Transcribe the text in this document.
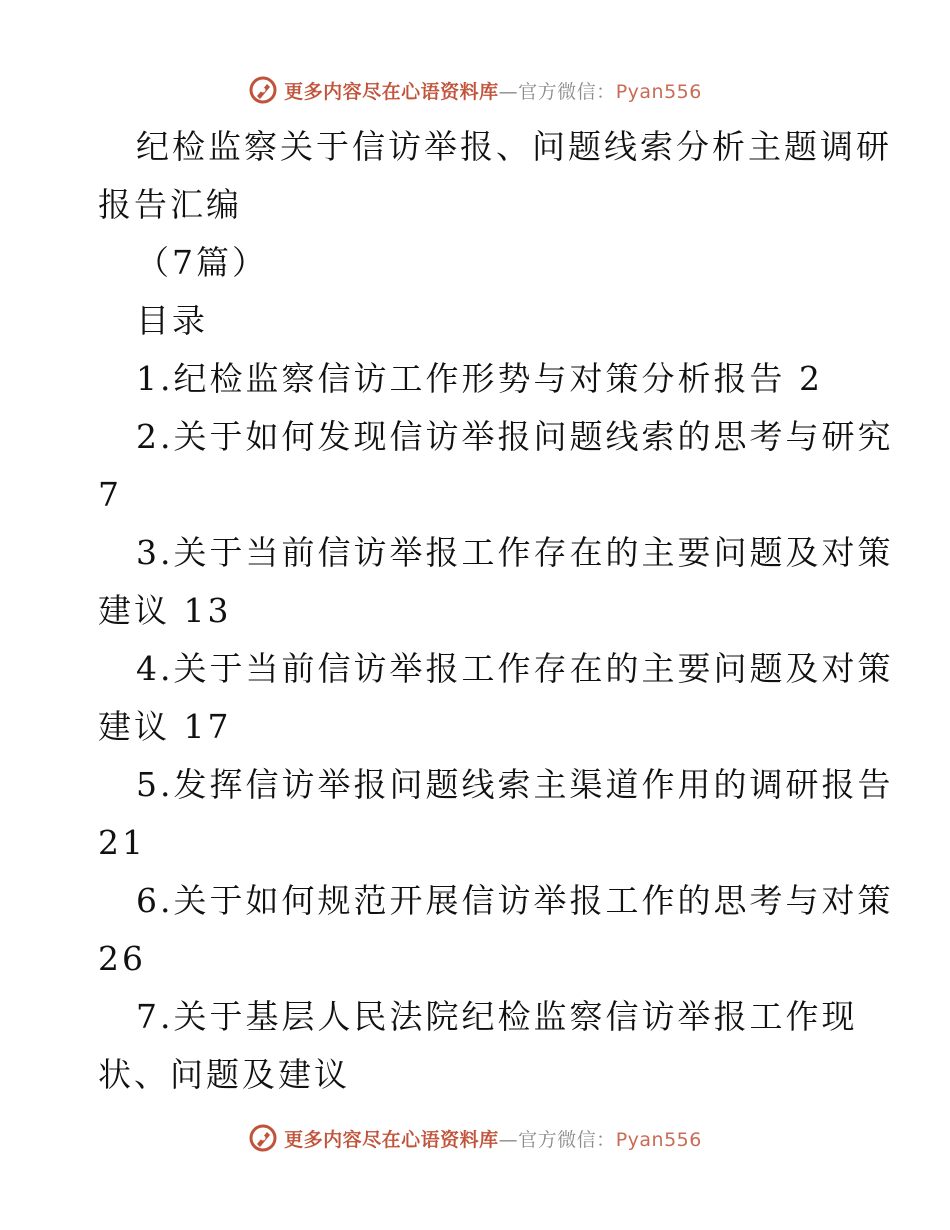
更多内容尽在心语资料库—官方微信：Pyan556
纪检监察关于信访举报、问题线索分析主题调研
报告汇编
（7篇）
目录
1.纪检监察信访工作形势与对策分析报告 2
2.关于如何发现信访举报问题线索的思考与研究
7
3.关于当前信访举报工作存在的主要问题及对策
建议 13
4.关于当前信访举报工作存在的主要问题及对策
建议 17
5.发挥信访举报问题线索主渠道作用的调研报告
21
6.关于如何规范开展信访举报工作的思考与对策
26
7.关于基层人民法院纪检监察信访举报工作现
状、问题及建议
更多内容尽在心语资料库—官方微信：Pyan556
